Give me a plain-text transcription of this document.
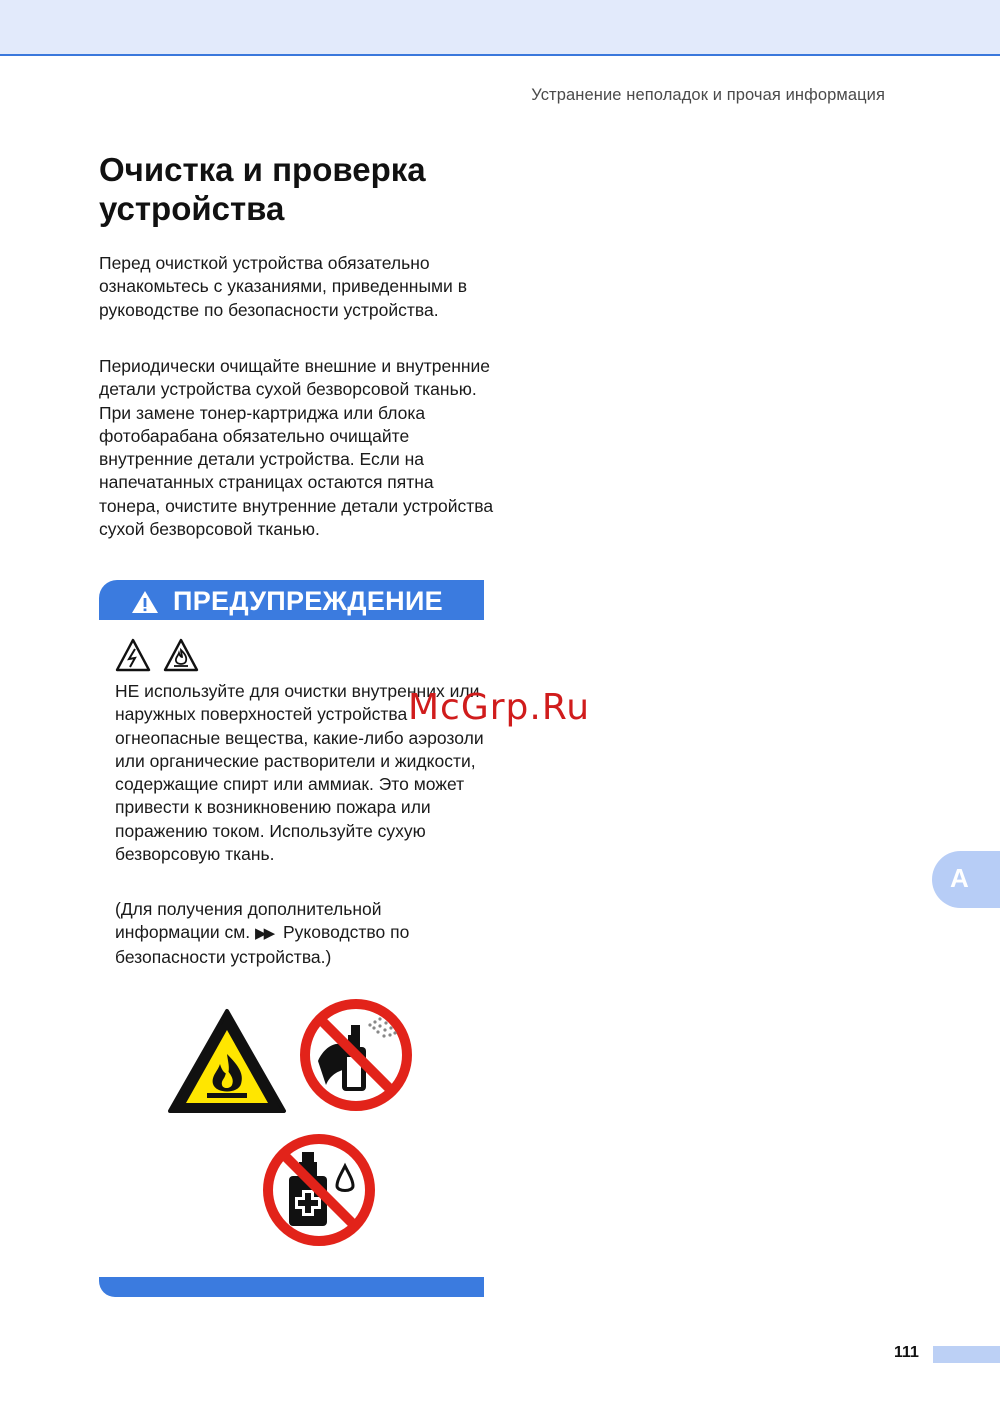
Устранение неполадок и прочая информация
Очистка и проверка
устройства

Перед очисткой устройства обязательно ознакомьтесь с указаниями, приведенными в руководстве по безопасности устройства.

Периодически очищайте внешние и внутренние детали устройства сухой безворсовой тканью. При замене тонер-картриджа или блока фотобарабана обязательно очищайте внутренние детали устройства. Если на напечатанных страницах остаются пятна тонера, очистите внутренние детали устройства сухой безворсовой тканью.

ПРЕДУПРЕЖДЕНИЕ

НЕ используйте для очистки внутренних или наружных поверхностей устройства огнеопасные вещества, какие-либо аэрозоли или органические растворители и жидкости, содержащие спирт или аммиак. Это может привести к возникновению пожара или поражению током. Используйте сухую безворсовую ткань.

(Для получения дополнительной информации см. ▶▶ Руководство по безопасности устройства.)

A
111
McGrp.Ru
